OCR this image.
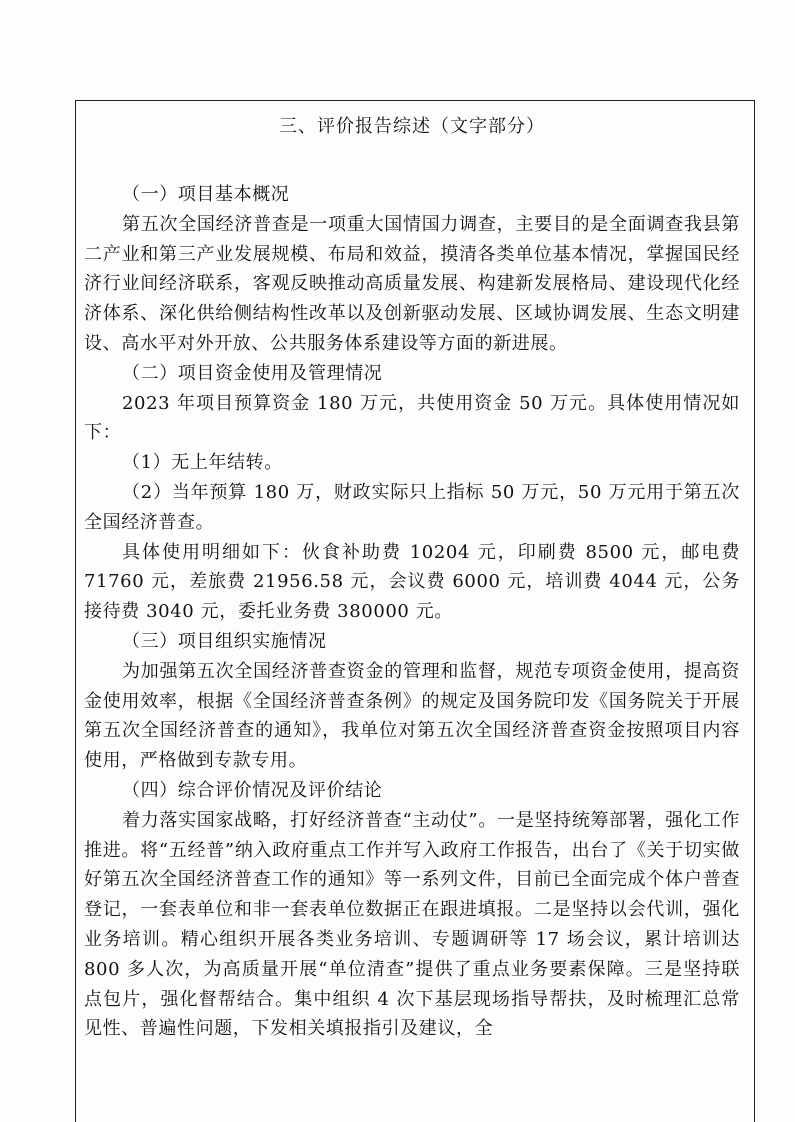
三、评价报告综述（文字部分）

（一）项目基本概况

第五次全国经济普查是一项重大国情国力调查，主要目的是全面调查我县第二产业和第三产业发展规模、布局和效益，摸清各类单位基本情况，掌握国民经济行业间经济联系，客观反映推动高质量发展、构建新发展格局、建设现代化经济体系、深化供给侧结构性改革以及创新驱动发展、区域协调发展、生态文明建设、高水平对外开放、公共服务体系建设等方面的新进展。

（二）项目资金使用及管理情况

2023 年项目预算资金 180 万元，共使用资金 50 万元。具体使用情况如下：

（1）无上年结转。

（2）当年预算 180 万，财政实际只上指标 50 万元，50 万元用于第五次全国经济普查。

具体使用明细如下：伙食补助费 10204 元，印刷费 8500 元，邮电费 71760 元，差旅费 21956.58 元，会议费 6000 元，培训费 4044 元，公务接待费 3040 元，委托业务费 380000 元。

（三）项目组织实施情况

为加强第五次全国经济普查资金的管理和监督，规范专项资金使用，提高资金使用效率，根据《全国经济普查条例》的规定及国务院印发《国务院关于开展第五次全国经济普查的通知》，我单位对第五次全国经济普查资金按照项目内容使用，严格做到专款专用。

（四）综合评价情况及评价结论

着力落实国家战略，打好经济普查“主动仗”。一是坚持统筹部署，强化工作推进。将“五经普”纳入政府重点工作并写入政府工作报告，出台了《关于切实做好第五次全国经济普查工作的通知》等一系列文件，目前已全面完成个体户普查登记，一套表单位和非一套表单位数据正在跟进填报。二是坚持以会代训，强化业务培训。精心组织开展各类业务培训、专题调研等 17 场会议，累计培训达 800 多人次，为高质量开展“单位清查”提供了重点业务要素保障。三是坚持联点包片，强化督帮结合。集中组织 4 次下基层现场指导帮扶，及时梳理汇总常见性、普遍性问题，下发相关填报指引及建议，全
